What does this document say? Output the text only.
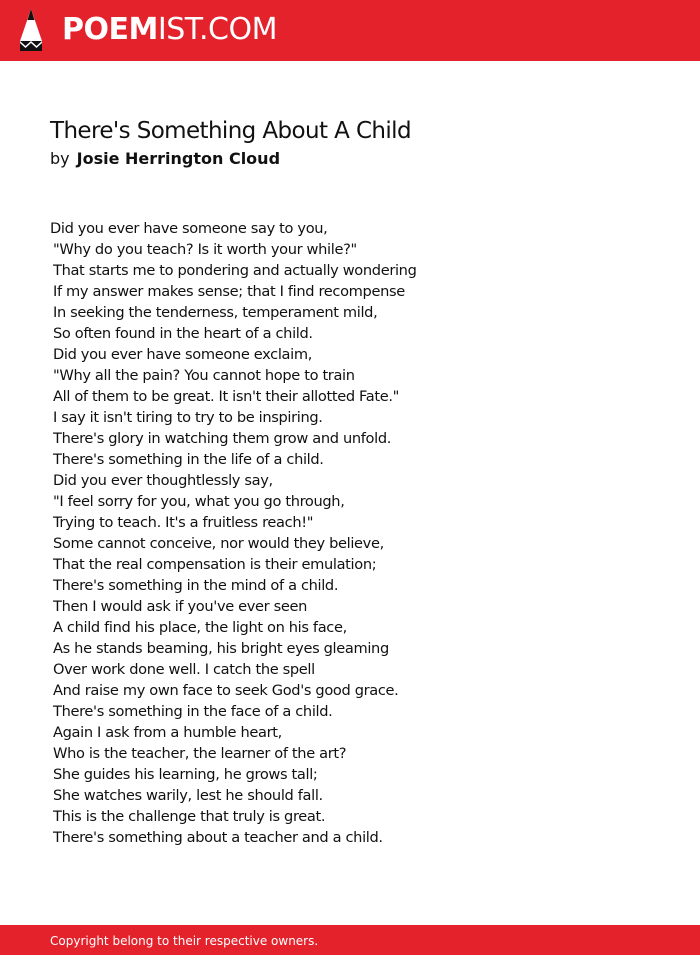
POEMIST.COM
There's Something About A Child
by Josie Herrington Cloud
Did you ever have someone say to you,
"Why do you teach? Is it worth your while?"
That starts me to pondering and actually wondering
If my answer makes sense; that I find recompense
In seeking the tenderness, temperament mild,
So often found in the heart of a child.
Did you ever have someone exclaim,
"Why all the pain? You cannot hope to train
All of them to be great. It isn't their allotted Fate."
I say it isn't tiring to try to be inspiring.
There's glory in watching them grow and unfold.
There's something in the life of a child.
Did you ever thoughtlessly say,
"I feel sorry for you, what you go through,
Trying to teach. It's a fruitless reach!"
Some cannot conceive, nor would they believe,
That the real compensation is their emulation;
There's something in the mind of a child.
Then I would ask if you've ever seen
A child find his place, the light on his face,
As he stands beaming, his bright eyes gleaming
Over work done well. I catch the spell
And raise my own face to seek God's good grace.
There's something in the face of a child.
Again I ask from a humble heart,
Who is the teacher, the learner of the art?
She guides his learning, he grows tall;
She watches warily, lest he should fall.
This is the challenge that truly is great.
There's something about a teacher and a child.
Copyright belong to their respective owners.
